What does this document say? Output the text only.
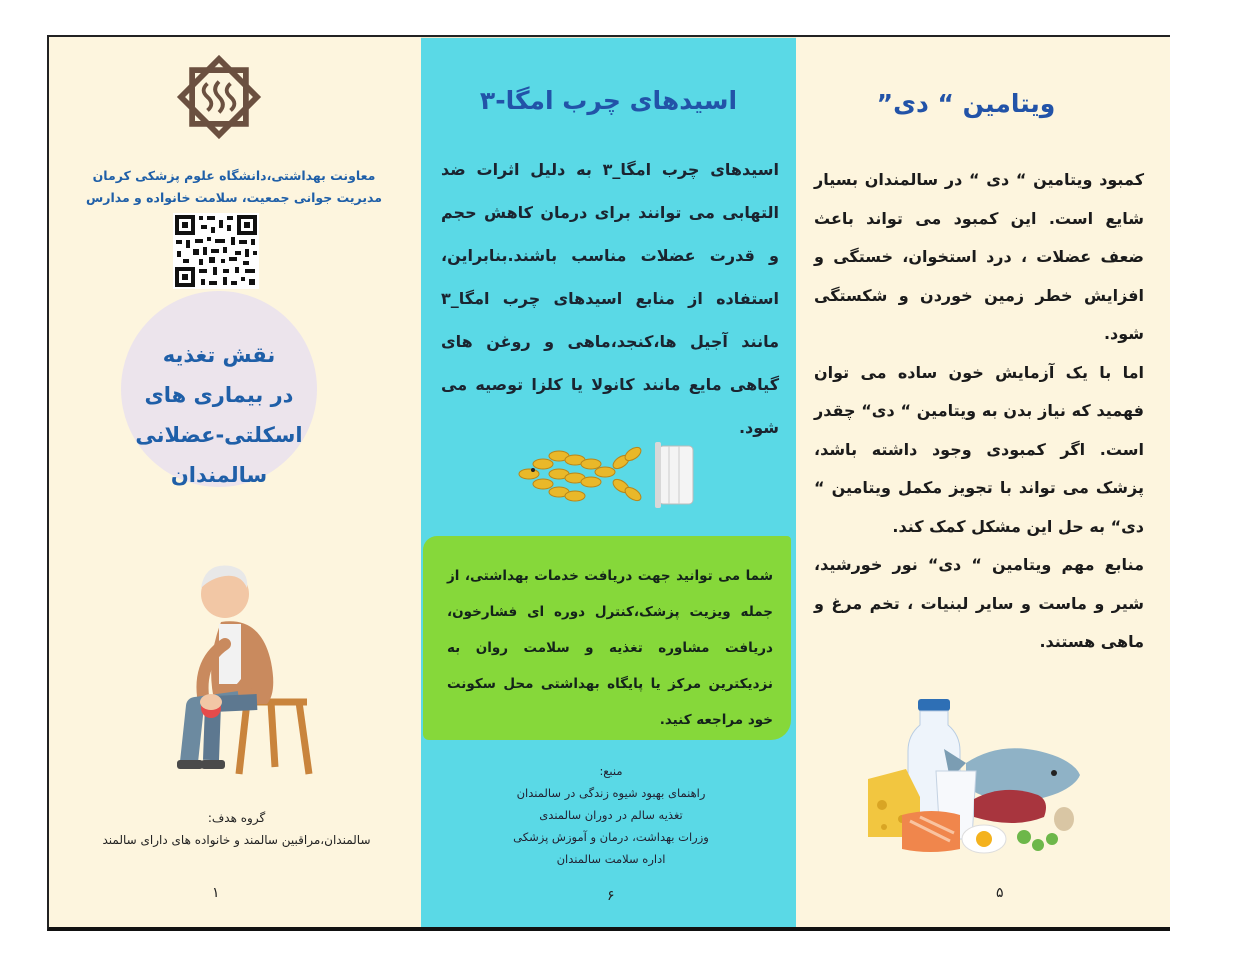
معاونت بهداشتی،دانشگاه علوم پزشکی کرمان
مدیریت جوانی جمعیت، سلامت خانواده و مدارس
نقش تغذیه
در بیماری های
اسکلتی-عضلانی
سالمندان
گروه هدف:
سالمندان،مراقبین سالمند و خانواده های دارای سالمند
۱
اسیدهای چرب امگا-۳
اسیدهای چرب امگا_۳ به دلیل اثرات ضد التهابی می توانند برای درمان کاهش حجم و قدرت عضلات مناسب باشند.بنابراین، استفاده از منابع اسیدهای چرب امگا_۳ مانند آجیل ها،کنجد،ماهی و روغن های گیاهی مایع مانند کانولا یا کلزا توصیه می شود.
شما می توانید جهت دریافت خدمات بهداشتی، از جمله ویزیت پزشک،کنترل دوره ای فشارخون، دریافت مشاوره تغذیه و سلامت روان به نزدیکترین مرکز یا پایگاه بهداشتی محل سکونت خود مراجعه کنید.
منبع:
راهنمای بهبود شیوه زندگی در سالمندان
تغذیه سالم در دوران سالمندی
وزرات بهداشت، درمان و آموزش پزشکی
اداره سلامت سالمندان
۶
ویتامین “ دی”
کمبود ویتامین “ دی “ در سالمندان بسیار شایع است. این کمبود می تواند باعث ضعف عضلات ، درد استخوان، خستگی و افزایش خطر زمین خوردن و شکستگی شود.
اما با یک آزمایش خون ساده می توان فهمید که نیاز بدن به ویتامین “ دی“ چقدر است. اگر کمبودی وجود داشته باشد، پزشک می تواند با تجویز مکمل ویتامین “ دی“ به حل این مشکل کمک کند.
منابع مهم ویتامین “ دی“ نور خورشید، شیر و ماست و سایر لبنیات ، تخم مرغ و ماهی هستند.
۵
